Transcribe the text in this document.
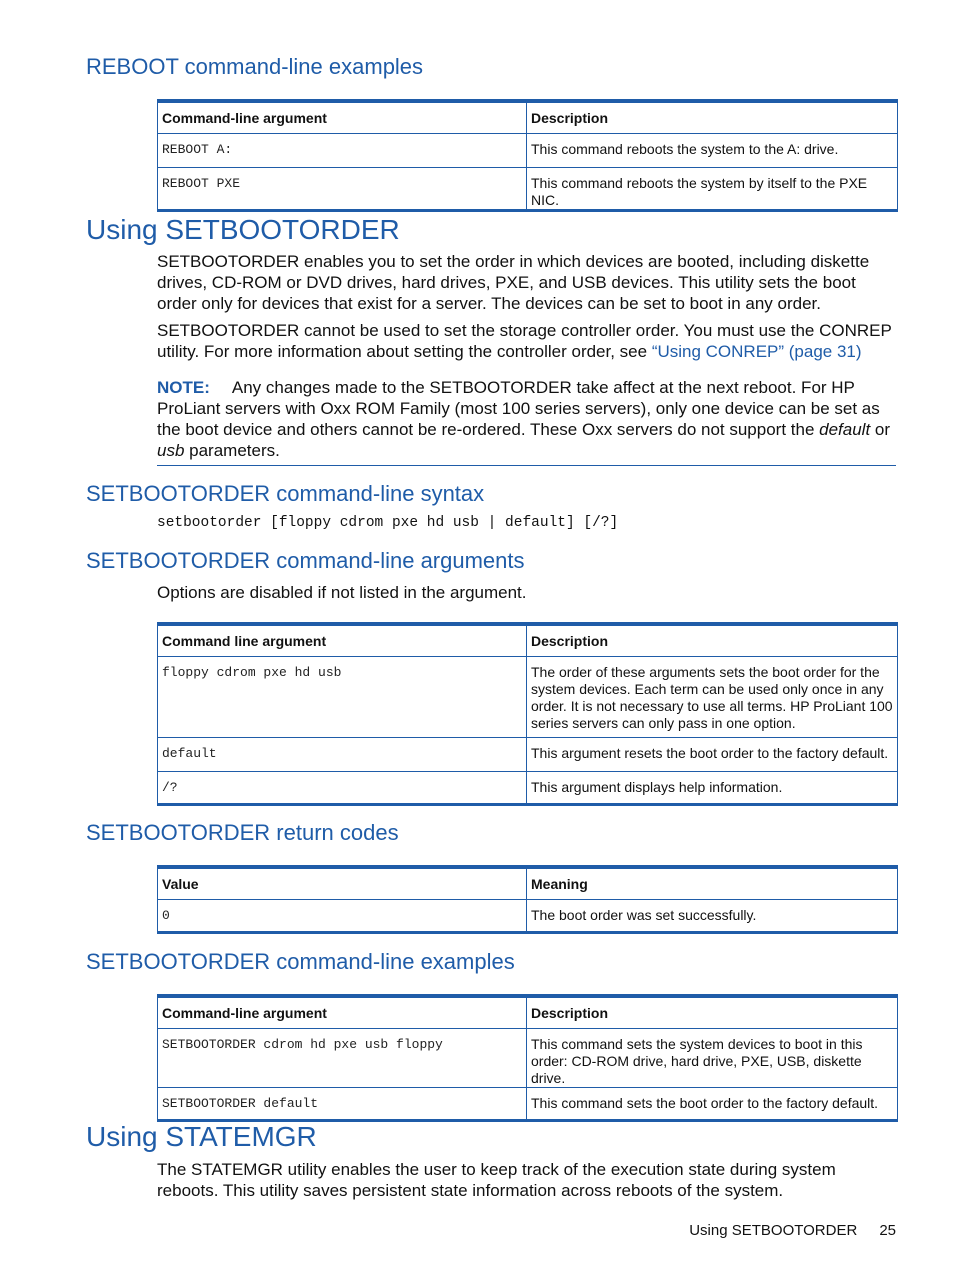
REBOOT command-line examples
Command-line argument	Description
REBOOT A:	This command reboots the system to the A: drive.
REBOOT PXE	This command reboots the system by itself to the PXE NIC.
Using SETBOOTORDER

SETBOOTORDER enables you to set the order in which devices are booted, including diskette drives, CD-ROM or DVD drives, hard drives, PXE, and USB devices. This utility sets the boot order only for devices that exist for a server. The devices can be set to boot in any order.

SETBOOTORDER cannot be used to set the storage controller order. You must use the CONREP utility. For more information about setting the controller order, see “Using CONREP” (page 31)

NOTE: Any changes made to the SETBOOTORDER take affect at the next reboot. For HP ProLiant servers with Oxx ROM Family (most 100 series servers), only one device can be set as the boot device and others cannot be re-ordered. These Oxx servers do not support the default or usb parameters.

SETBOOTORDER command-line syntax

setbootorder [floppy cdrom pxe hd usb | default] [/?]

SETBOOTORDER command-line arguments

Options are disabled if not listed in the argument.

Command line argument	Description
floppy cdrom pxe hd usb	The order of these arguments sets the boot order for the system devices. Each term can be used only once in any order. It is not necessary to use all terms. HP ProLiant 100 series servers can only pass in one option.
default	This argument resets the boot order to the factory default.
/?	This argument displays help information.
SETBOOTORDER return codes
Value	Meaning
0	The boot order was set successfully.
SETBOOTORDER command-line examples
Command-line argument	Description
SETBOOTORDER cdrom hd pxe usb floppy	This command sets the system devices to boot in this order: CD-ROM drive, hard drive, PXE, USB, diskette drive.
SETBOOTORDER default	This command sets the boot order to the factory default.
Using STATEMGR

The STATEMGR utility enables the user to keep track of the execution state during system reboots. This utility saves persistent state information across reboots of the system.

Using SETBOOTORDER 25
